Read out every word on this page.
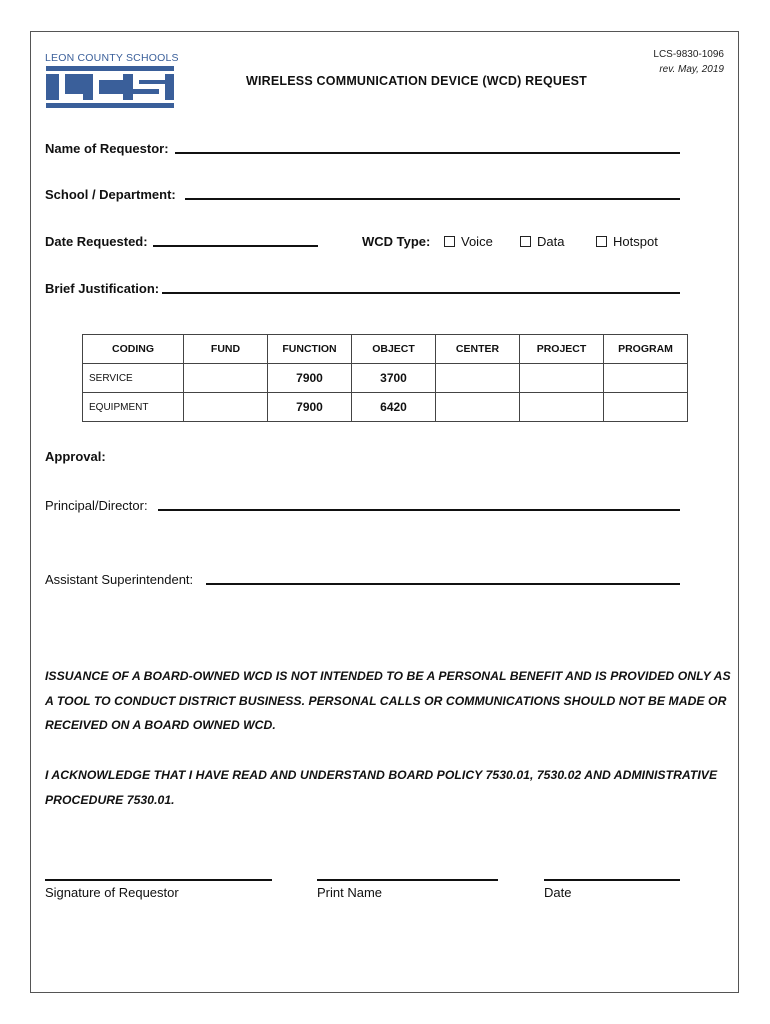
LEON COUNTY SCHOOLS	LCS-9830-1096
rev. May, 2019
WIRELESS COMMUNICATION DEVICE (WCD) REQUEST
Name of Requestor:
School / Department:
Date Requested:	WCD Type:	Voice	Data	Hotspot
Brief Justification:
CODING	FUND	FUNCTION	OBJECT	CENTER	PROJECT	PROGRAM
SERVICE		7900	3700			
EQUIPMENT		7900	6420			
Approval:
Principal/Director:
Assistant Superintendent:
ISSUANCE OF A BOARD-OWNED WCD IS NOT INTENDED TO BE A PERSONAL BENEFIT AND IS PROVIDED ONLY AS A TOOL TO CONDUCT DISTRICT BUSINESS. PERSONAL CALLS OR COMMUNICATIONS SHOULD NOT BE MADE OR RECEIVED ON A BOARD OWNED WCD.
I ACKNOWLEDGE THAT I HAVE READ AND UNDERSTAND BOARD POLICY 7530.01, 7530.02 AND ADMINISTRATIVE PROCEDURE 7530.01.
Signature of Requestor	Print Name	Date
